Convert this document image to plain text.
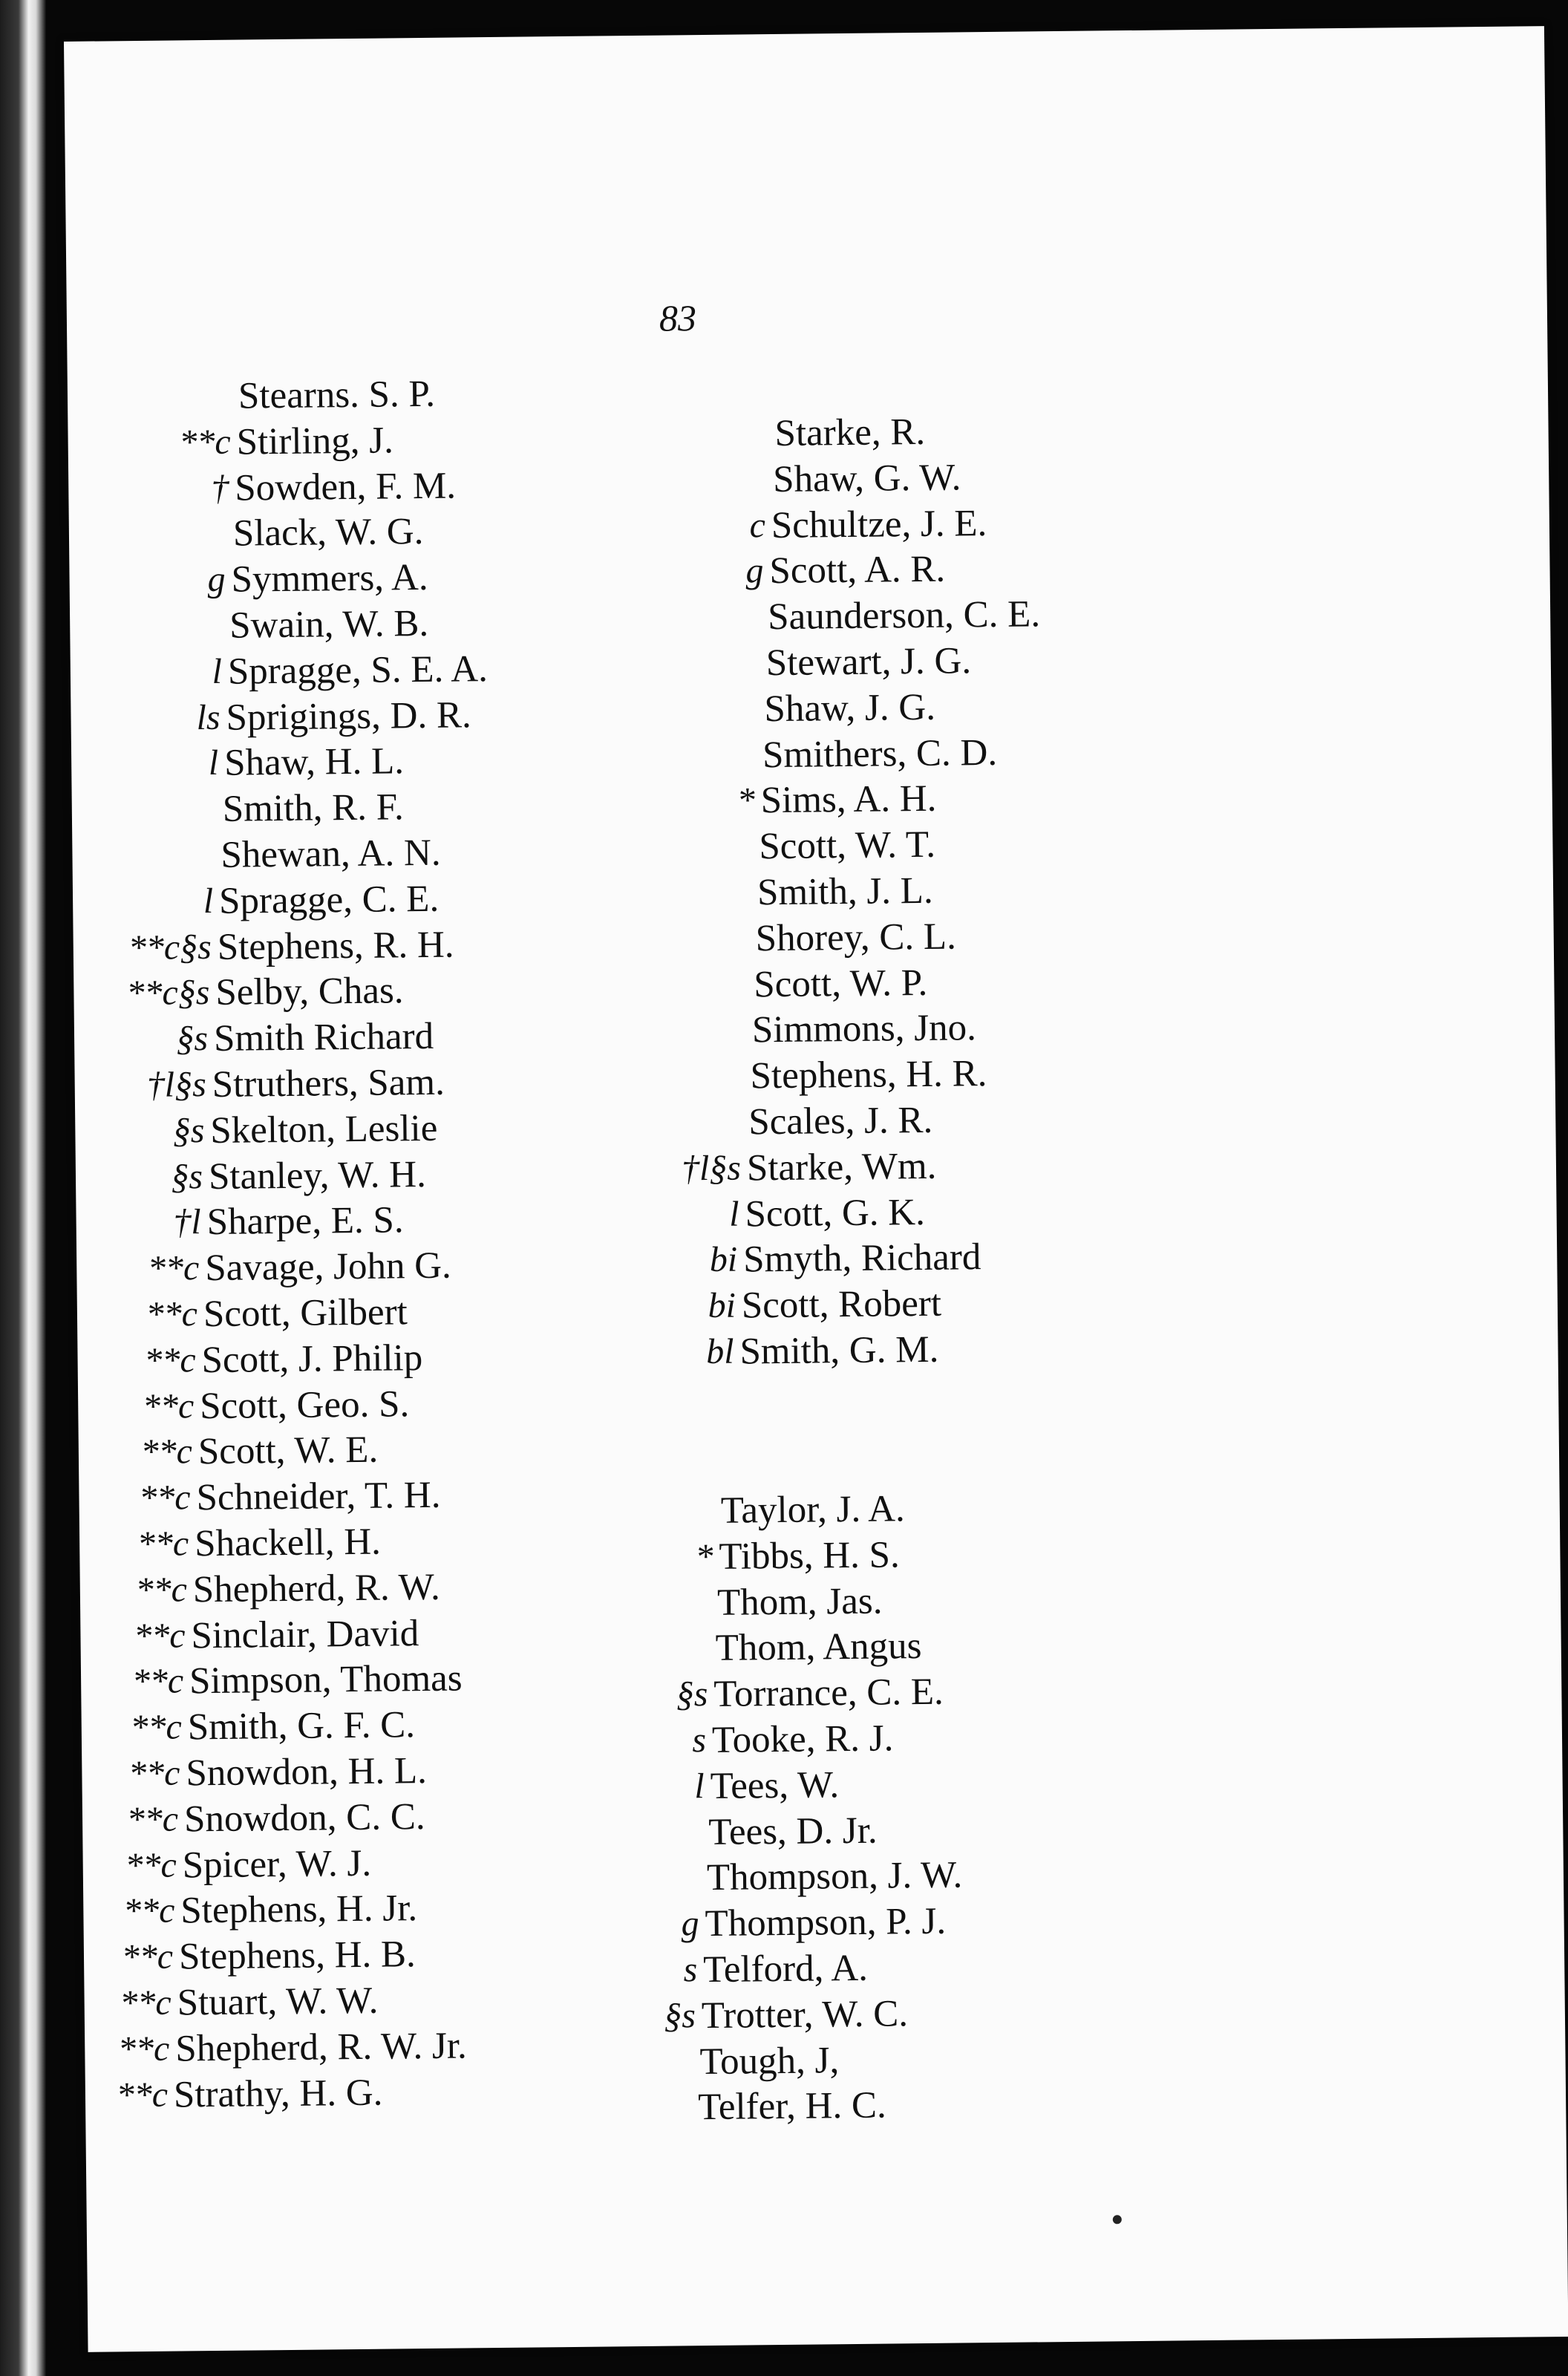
83
Stearns. S. P.
**c Stirling, J.
† Sowden, F. M.
Slack, W. G.
g Symmers, A.
Swain, W. B.
l Spragge, S. E. A.
ls Sprigings, D. R.
l Shaw, H. L.
Smith, R. F.
Shewan, A. N.
l Spragge, C. E.
**c§s Stephens, R. H.
**c§s Selby, Chas.
§s Smith Richard
†l§s Struthers, Sam.
§s Skelton, Leslie
§s Stanley, W. H.
†l Sharpe, E. S.
**c Savage, John G.
**c Scott, Gilbert
**c Scott, J. Philip
**c Scott, Geo. S.
**c Scott, W. E.
**c Schneider, T. H.
**c Shackell, H.
**c Shepherd, R. W.
**c Sinclair, David
**c Simpson, Thomas
**c Smith, G. F. C.
**c Snowdon, H. L.
**c Snowdon, C. C.
**c Spicer, W. J.
**c Stephens, H. Jr.
**c Stephens, H. B.
**c Stuart, W. W.
**c Shepherd, R. W. Jr.
**c Strathy, H. G.
Starke, R.
Shaw, G. W.
c Schultze, J. E.
g Scott, A. R.
Saunderson, C. E.
Stewart, J. G.
Shaw, J. G.
Smithers, C. D.
* Sims, A. H.
Scott, W. T.
Smith, J. L.
Shorey, C. L.
Scott, W. P.
Simmons, Jno.
Stephens, H. R.
Scales, J. R.
†l§s Starke, Wm.
l Scott, G. K.
bi Smyth, Richard
bi Scott, Robert
bl Smith, G. M.
Taylor, J. A.
* Tibbs, H. S.
Thom, Jas.
Thom, Angus
§s Torrance, C. E.
s Tooke, R. J.
l Tees, W.
Tees, D. Jr.
Thompson, J. W.
g Thompson, P. J.
s Telford, A.
§s Trotter, W. C.
Tough, J,
Telfer, H. C.
